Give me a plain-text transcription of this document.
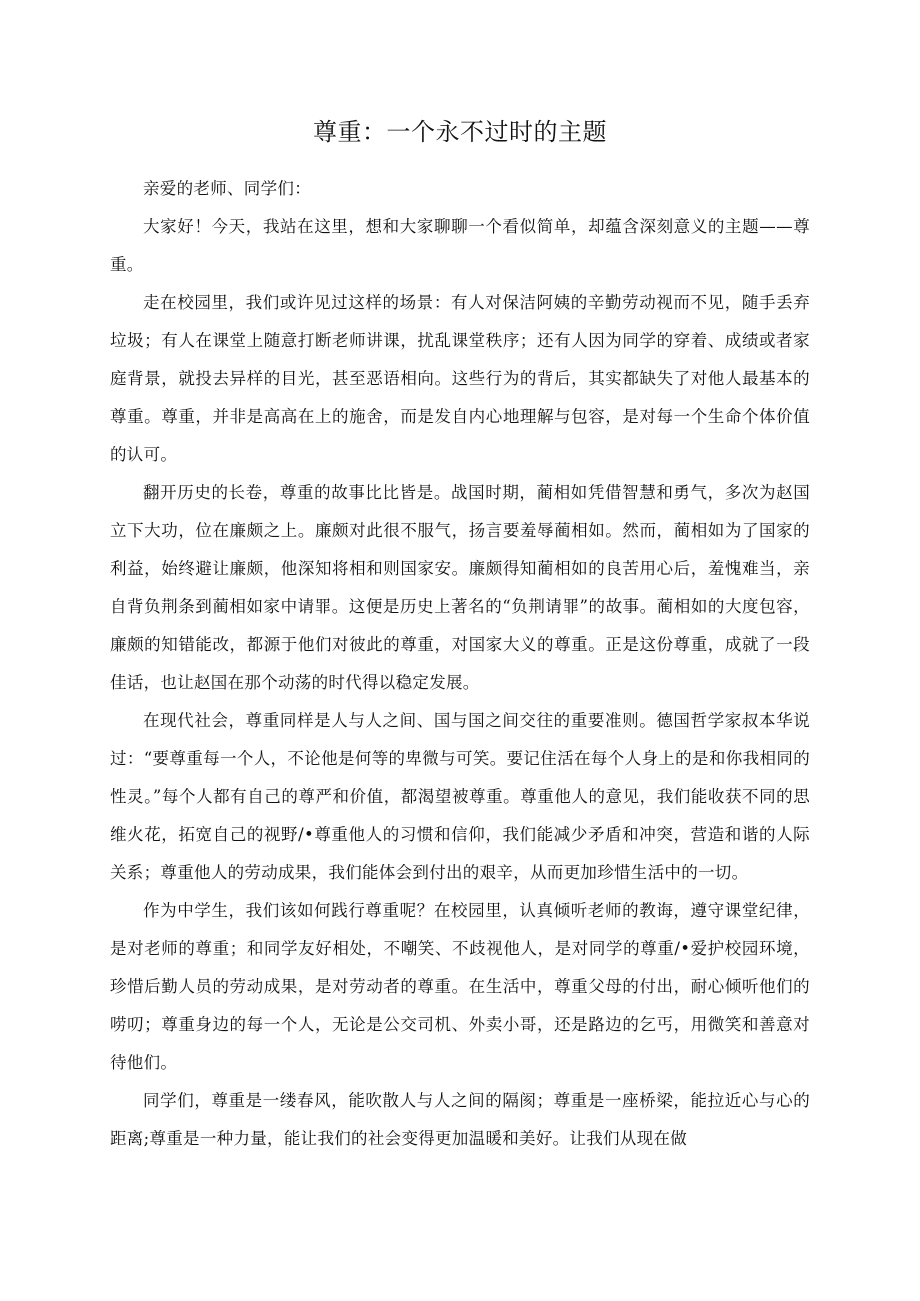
尊重：一个永不过时的主题

亲爱的老师、同学们：

大家好！今天，我站在这里，想和大家聊聊一个看似简单，却蕴含深刻意义的主题——尊重。

走在校园里，我们或许见过这样的场景：有人对保洁阿姨的辛勤劳动视而不见，随手丢弃垃圾；有人在课堂上随意打断老师讲课，扰乱课堂秩序；还有人因为同学的穿着、成绩或者家庭背景，就投去异样的目光，甚至恶语相向。这些行为的背后，其实都缺失了对他人最基本的尊重。尊重，并非是高高在上的施舍，而是发自内心地理解与包容，是对每一个生命个体价值的认可。

翻开历史的长卷，尊重的故事比比皆是。战国时期，蔺相如凭借智慧和勇气，多次为赵国立下大功，位在廉颇之上。廉颇对此很不服气，扬言要羞辱蔺相如。然而，蔺相如为了国家的利益，始终避让廉颇，他深知将相和则国家安。廉颇得知蔺相如的良苦用心后，羞愧难当，亲自背负荆条到蔺相如家中请罪。这便是历史上著名的“负荆请罪”的故事。蔺相如的大度包容，廉颇的知错能改，都源于他们对彼此的尊重，对国家大义的尊重。正是这份尊重，成就了一段佳话，也让赵国在那个动荡的时代得以稳定发展。

在现代社会，尊重同样是人与人之间、国与国之间交往的重要准则。德国哲学家叔本华说过：“要尊重每一个人，不论他是何等的卑微与可笑。要记住活在每个人身上的是和你我相同的性灵。”每个人都有自己的尊严和价值，都渴望被尊重。尊重他人的意见，我们能收获不同的思维火花，拓宽自己的视野/•尊重他人的习惯和信仰，我们能减少矛盾和冲突，营造和谐的人际关系；尊重他人的劳动成果，我们能体会到付出的艰辛，从而更加珍惜生活中的一切。

作为中学生，我们该如何践行尊重呢？在校园里，认真倾听老师的教诲，遵守课堂纪律，是对老师的尊重；和同学友好相处，不嘲笑、不歧视他人，是对同学的尊重/•爱护校园环境，珍惜后勤人员的劳动成果，是对劳动者的尊重。在生活中，尊重父母的付出，耐心倾听他们的唠叨；尊重身边的每一个人，无论是公交司机、外卖小哥，还是路边的乞丐，用微笑和善意对待他们。

同学们，尊重是一缕春风，能吹散人与人之间的隔阂；尊重是一座桥梁，能拉近心与心的距离;尊重是一种力量，能让我们的社会变得更加温暖和美好。让我们从现在做
